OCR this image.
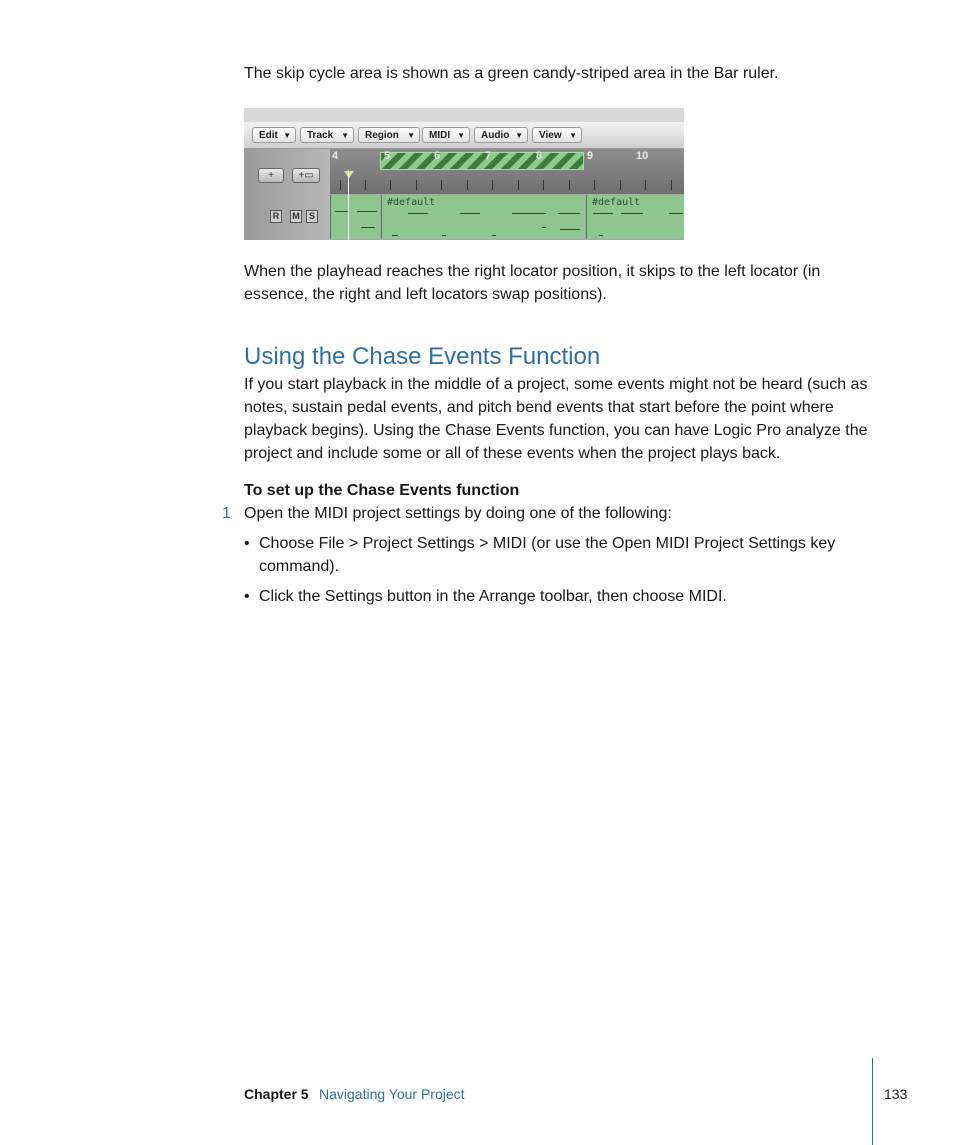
The skip cycle area is shown as a green candy-striped area in the Bar ruler.

Edit ▼	Track ▼	Region ▼	MIDI ▼	Audio ▼	View ▼
+	+▭
R	M	S
4	5	6	7	8	9	10
#default	#default

When the playhead reaches the right locator position, it skips to the left locator (in essence, the right and left locators swap positions).

Using the Chase Events Function

If you start playback in the middle of a project, some events might not be heard (such as notes, sustain pedal events, and pitch bend events that start before the point where playback begins). Using the Chase Events function, you can have Logic Pro analyze the project and include some or all of these events when the project plays back.

To set up the Chase Events function

1 Open the MIDI project settings by doing one of the following:

• Choose File > Project Settings > MIDI (or use the Open MIDI Project Settings key command).

• Click the Settings button in the Arrange toolbar, then choose MIDI.

Chapter 5 Navigating Your Project	133
